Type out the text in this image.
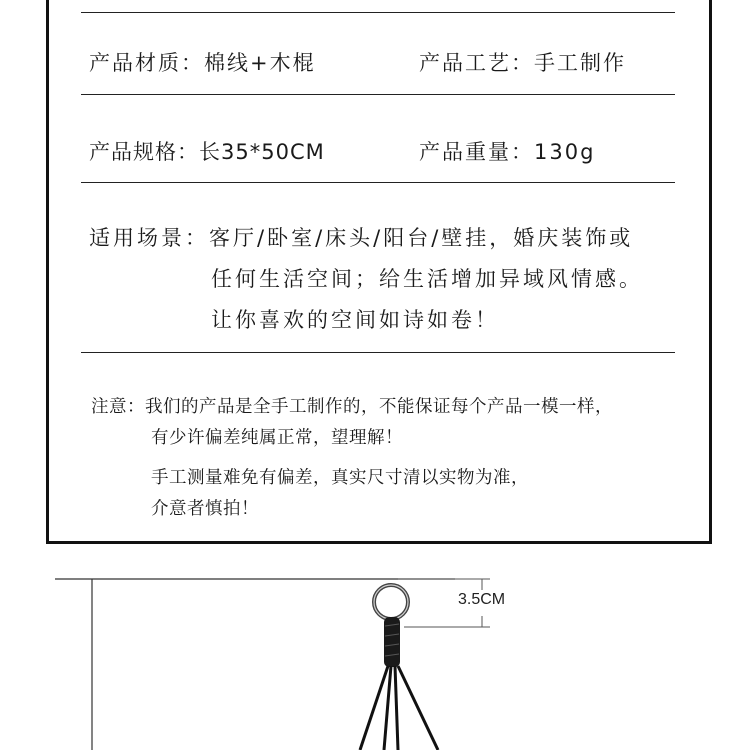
产品材质：棉线+木棍	产品工艺：手工制作
产品规格：长35*50CM	产品重量：130g
适用场景：客厅/卧室/床头/阳台/壁挂，婚庆装饰或
任何生活空间；给生活增加异域风情感。
让你喜欢的空间如诗如卷！
注意：我们的产品是全手工制作的，不能保证每个产品一模一样，
有少许偏差纯属正常，望理解！
手工测量难免有偏差，真实尺寸清以实物为准，
介意者慎拍！
3.5CM
